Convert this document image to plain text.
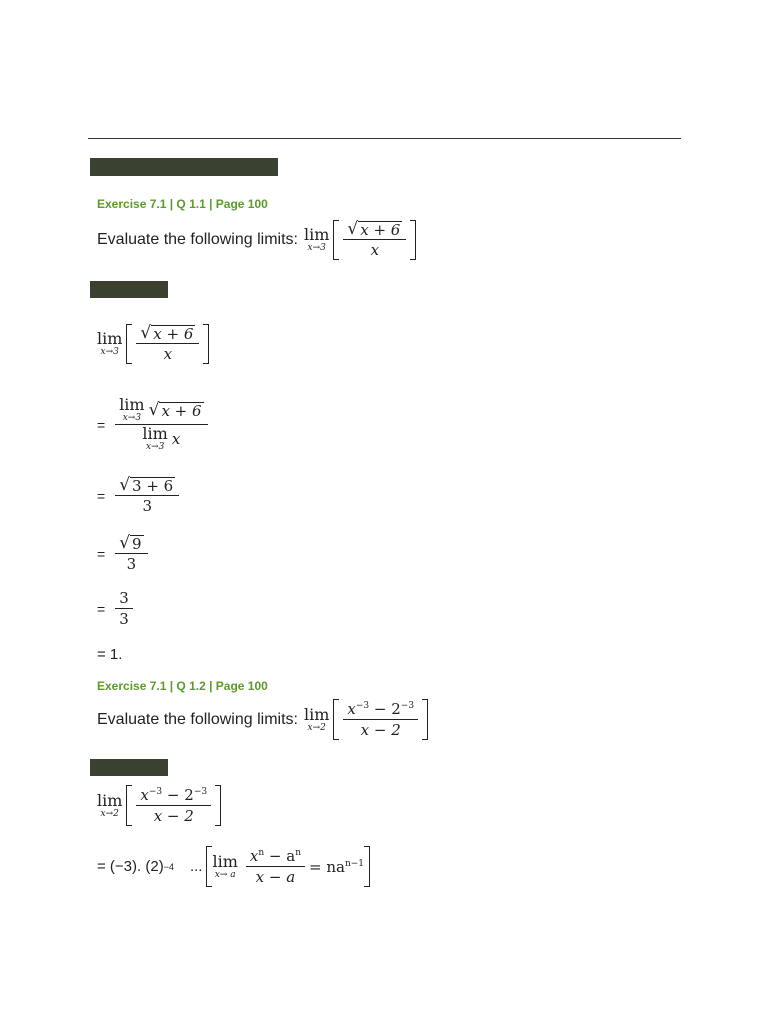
Exercise 7.1 | Q 1.1 | Page 100
Evaluate the following limits: lim
$x\to 3 \frac{√ x + 6}{x}$
lim
$x\to 3 \frac{√ x + 6}{x}$
= lim
x→3 √ x + 6
lim
x→3 x
= $\frac{√ 3 + 6}{3}$
= $\frac{√ 9}{3}$
= $\frac{3}{3}$
= 1.
Exercise 7.1 | Q 1.2 | Page 100
Evaluate the following limits: lim
$x\to 2 \frac{x^{-3} - 2^{-3}}{x - 2}$
lim
$x\to 2 \frac{x^{-3} - 2^{-3}}{x - 2}$
= (−3). (2) −4 ... lim
x→ a $\frac{x^n - a^n}{x - a} = na^{n-1}$
